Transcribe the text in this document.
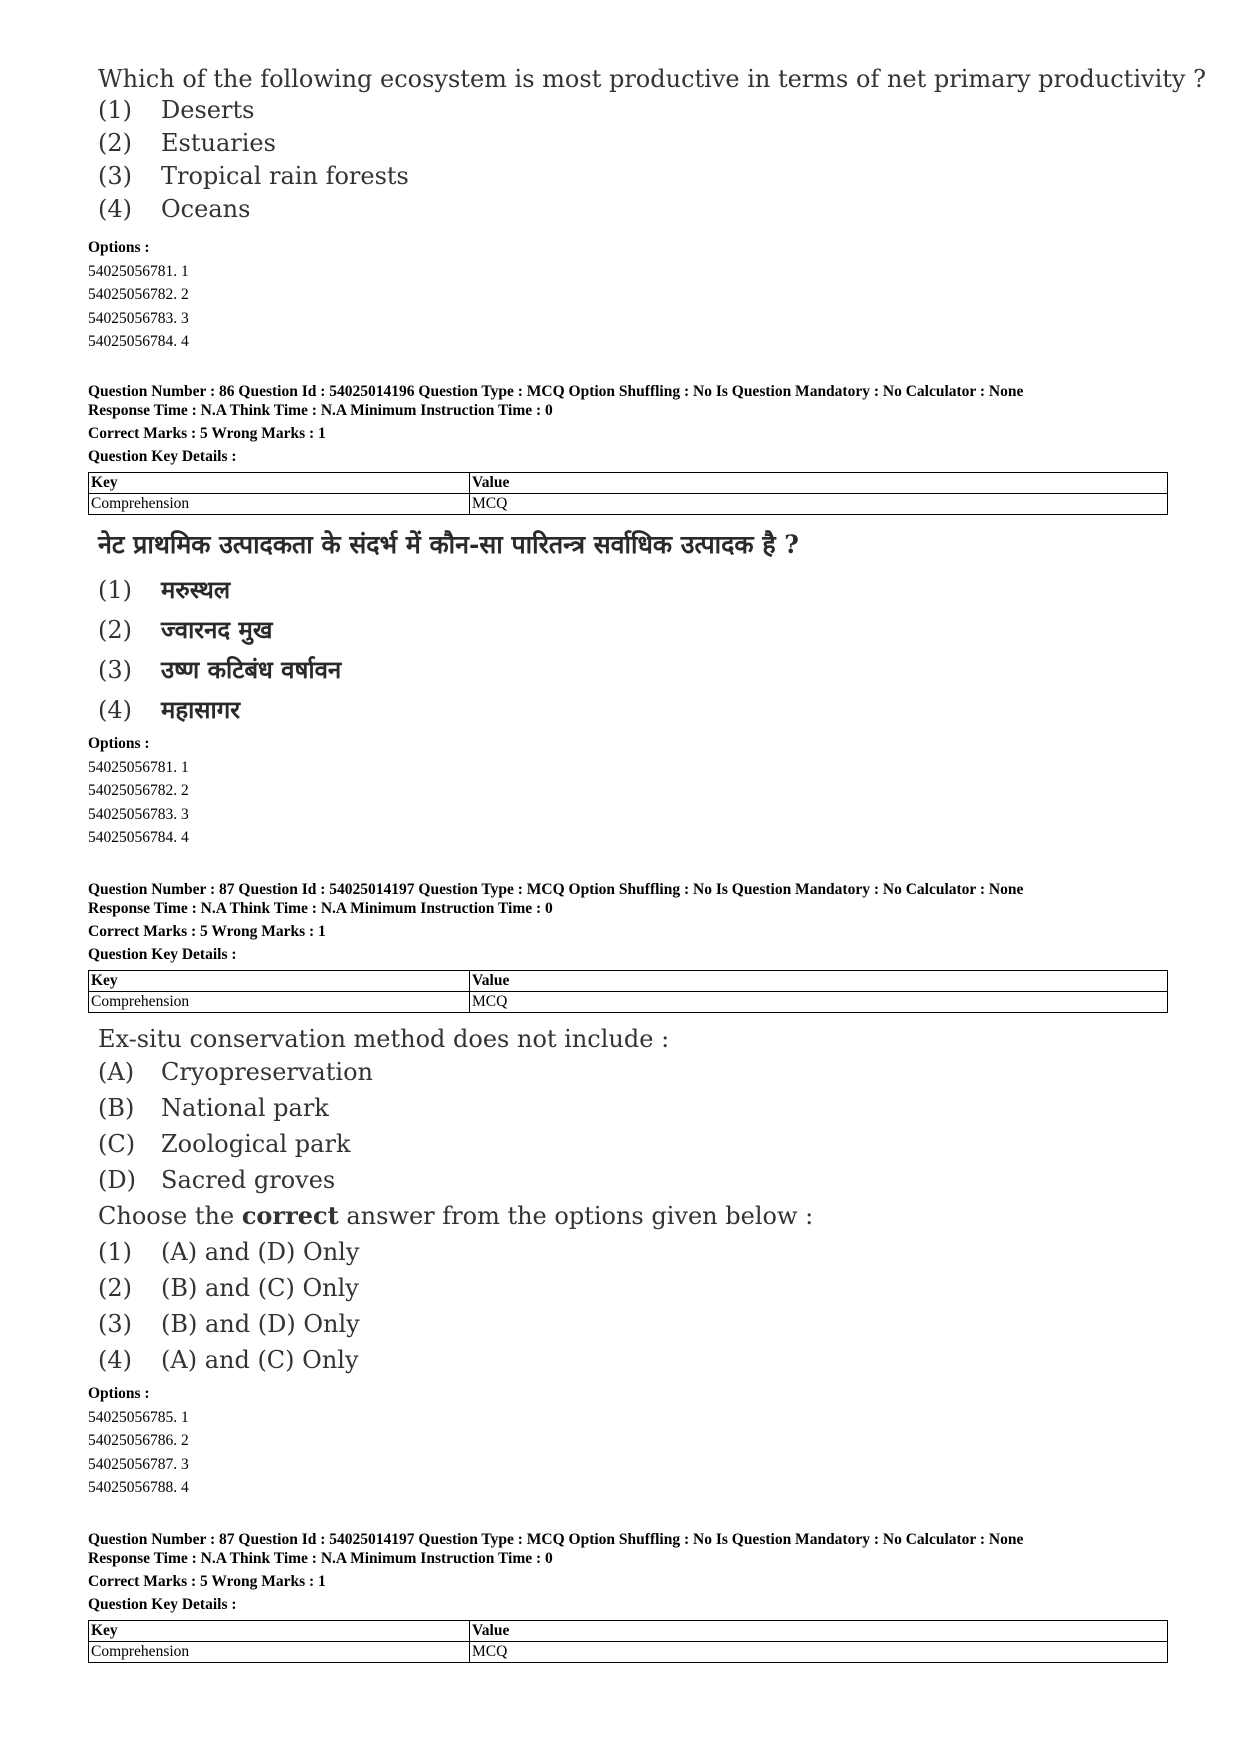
Which of the following ecosystem is most productive in terms of net primary productivity ?
(1)	Deserts
(2)	Estuaries
(3)	Tropical rain forests
(4)	Oceans
Options :
54025056781. 1
54025056782. 2
54025056783. 3
54025056784. 4
Question Number : 86 Question Id : 54025014196 Question Type : MCQ Option Shuffling : No Is Question Mandatory : No Calculator : None
Response Time : N.A Think Time : N.A Minimum Instruction Time : 0
Correct Marks : 5 Wrong Marks : 1
Question Key Details :
Key	Value
Comprehension	MCQ
नेट प्राथमिक उत्पादकता के संदर्भ में कौन-सा पारितन्त्र सर्वाधिक उत्पादक है ?
(1)	मरुस्थल
(2)	ज्वारनद मुख
(3)	उष्ण कटिबंध वर्षावन
(4)	महासागर
Options :
54025056781. 1
54025056782. 2
54025056783. 3
54025056784. 4
Question Number : 87 Question Id : 54025014197 Question Type : MCQ Option Shuffling : No Is Question Mandatory : No Calculator : None
Response Time : N.A Think Time : N.A Minimum Instruction Time : 0
Correct Marks : 5 Wrong Marks : 1
Question Key Details :
Key	Value
Comprehension	MCQ
Ex-situ conservation method does not include :
(A)	Cryopreservation
(B)	National park
(C)	Zoological park
(D)	Sacred groves
Choose the correct answer from the options given below :
(1)	(A) and (D) Only
(2)	(B) and (C) Only
(3)	(B) and (D) Only
(4)	(A) and (C) Only
Options :
54025056785. 1
54025056786. 2
54025056787. 3
54025056788. 4
Question Number : 87 Question Id : 54025014197 Question Type : MCQ Option Shuffling : No Is Question Mandatory : No Calculator : None
Response Time : N.A Think Time : N.A Minimum Instruction Time : 0
Correct Marks : 5 Wrong Marks : 1
Question Key Details :
Key	Value
Comprehension	MCQ
